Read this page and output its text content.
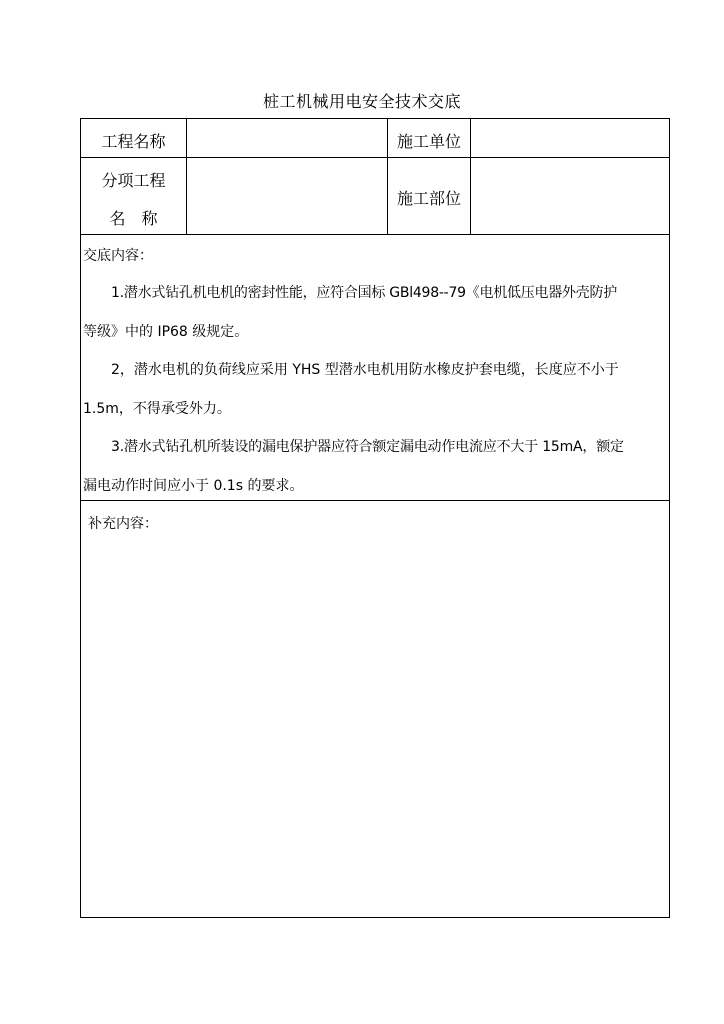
桩工机械用电安全技术交底
工程名称	施工单位
分项工程
名　称
施工部位
交底内容：
1.潜水式钻孔机电机的密封性能，应符合国标 GBl498--79《电机低压电器外壳防护
等级》中的 IP68 级规定。
2，潜水电机的负荷线应采用 YHS 型潜水电机用防水橡皮护套电缆，长度应不小于
1.5m，不得承受外力。
3.潜水式钻孔机所装设的漏电保护器应符合额定漏电动作电流应不大于 15mA，额定
漏电动作时间应小于 0.1s 的要求。
补充内容：
